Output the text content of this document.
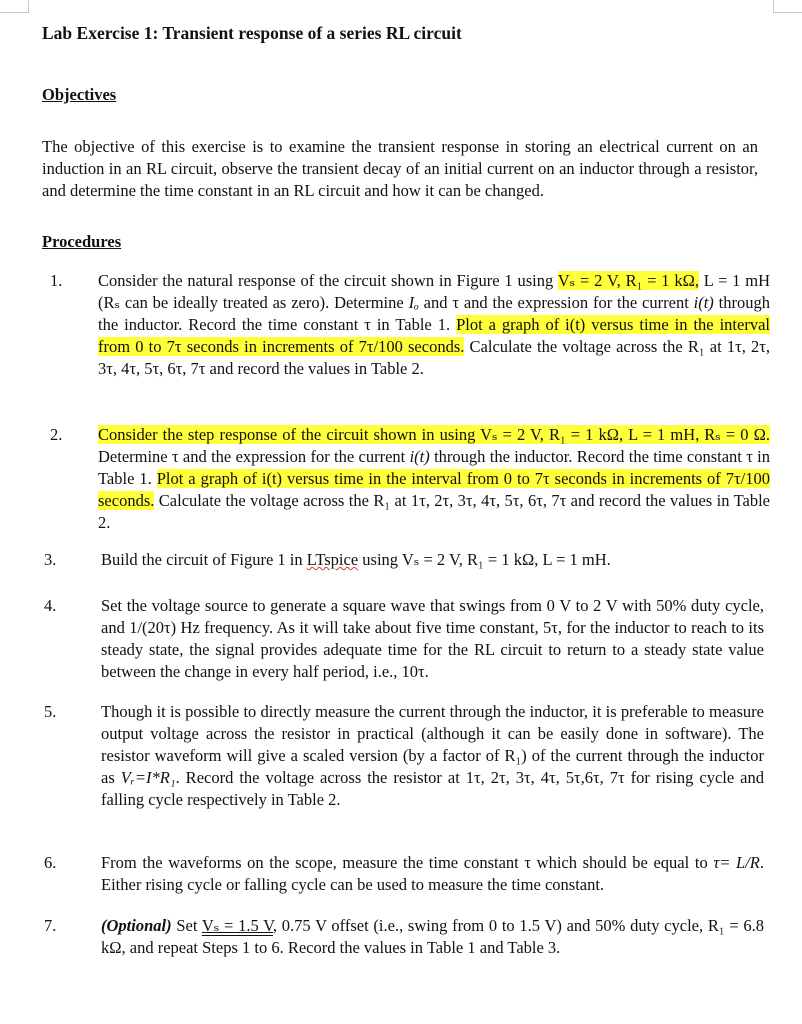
Lab Exercise 1: Transient response of a series RL circuit
Objectives

The objective of this exercise is to examine the transient response in storing an electrical current on an induction in an RL circuit, observe the transient decay of an initial current on an inductor through a resistor, and determine the time constant in an RL circuit and how it can be changed.

Procedures
1. Consider the natural response of the circuit shown in Figure 1 using Vₛ = 2 V, R₁ = 1 kΩ, L = 1 mH (Rₛ can be ideally treated as zero). Determine Iₒ and τ and the expression for the current i(t) through the inductor. Record the time constant τ in Table 1. Plot a graph of i(t) versus time in the interval from 0 to 7τ seconds in increments of 7τ/100 seconds. Calculate the voltage across the R₁ at 1τ, 2τ, 3τ, 4τ, 5τ, 6τ, 7τ and record the values in Table 2.
2. Consider the step response of the circuit shown in using Vₛ = 2 V, R₁ = 1 kΩ, L = 1 mH, Rₛ = 0 Ω. Determine τ and the expression for the current i(t) through the inductor. Record the time constant τ in Table 1. Plot a graph of i(t) versus time in the interval from 0 to 7τ seconds in increments of 7τ/100 seconds. Calculate the voltage across the R₁ at 1τ, 2τ, 3τ, 4τ, 5τ, 6τ, 7τ and record the values in Table 2.
3.	Build the circuit of Figure 1 in LTspice using Vₛ = 2 V, R₁ = 1 kΩ, L = 1 mH.
4.	Set the voltage source to generate a square wave that swings from 0 V to 2 V with 50% duty cycle, and 1/(20τ) Hz frequency. As it will take about five time constant, 5τ, for the inductor to reach to its steady state, the signal provides adequate time for the RL circuit to return to a steady state value between the change in every half period, i.e., 10τ.
5.	Though it is possible to directly measure the current through the inductor, it is preferable to measure output voltage across the resistor in practical (although it can be easily done in software). The resistor waveform will give a scaled version (by a factor of R₁) of the current through the inductor as Vᵣ=I*R₁. Record the voltage across the resistor at 1τ, 2τ, 3τ, 4τ, 5τ,6τ, 7τ for rising cycle and falling cycle respectively in Table 2.
6.	From the waveforms on the scope, measure the time constant τ which should be equal to τ= L/R. Either rising cycle or falling cycle can be used to measure the time constant.
7.	(Optional) Set Vₛ = 1.5 V, 0.75 V offset (i.e., swing from 0 to 1.5 V) and 50% duty cycle, R₁ = 6.8 kΩ, and repeat Steps 1 to 6. Record the values in Table 1 and Table 3.
